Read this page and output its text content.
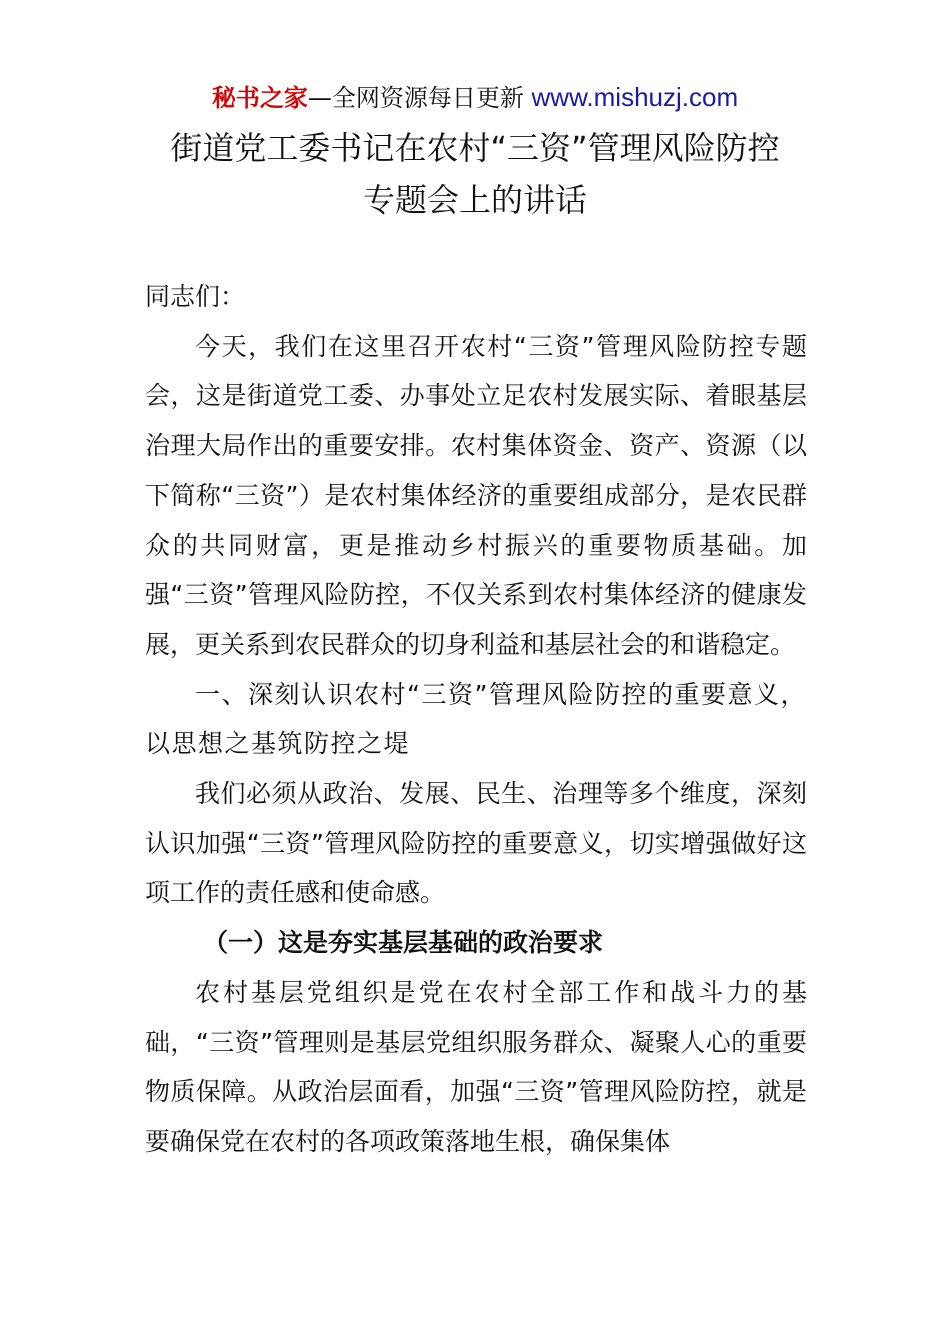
秘书之家—全网资源每日更新 www.mishuzj.com
街道党工委书记在农村“三资”管理风险防控
专题会上的讲话

同志们：

今天，我们在这里召开农村“三资”管理风险防控专题会，这是街道党工委、办事处立足农村发展实际、着眼基层治理大局作出的重要安排。农村集体资金、资产、资源（以下简称“三资”）是农村集体经济的重要组成部分，是农民群众的共同财富，更是推动乡村振兴的重要物质基础。加强“三资”管理风险防控，不仅关系到农村集体经济的健康发展，更关系到农民群众的切身利益和基层社会的和谐稳定。

一、深刻认识农村“三资”管理风险防控的重要意义，以思想之基筑防控之堤

我们必须从政治、发展、民生、治理等多个维度，深刻认识加强“三资”管理风险防控的重要意义，切实增强做好这项工作的责任感和使命感。

（一）这是夯实基层基础的政治要求

农村基层党组织是党在农村全部工作和战斗力的基础，“三资”管理则是基层党组织服务群众、凝聚人心的重要物质保障。从政治层面看，加强“三资”管理风险防控，就是要确保党在农村的各项政策落地生根，确保集体
